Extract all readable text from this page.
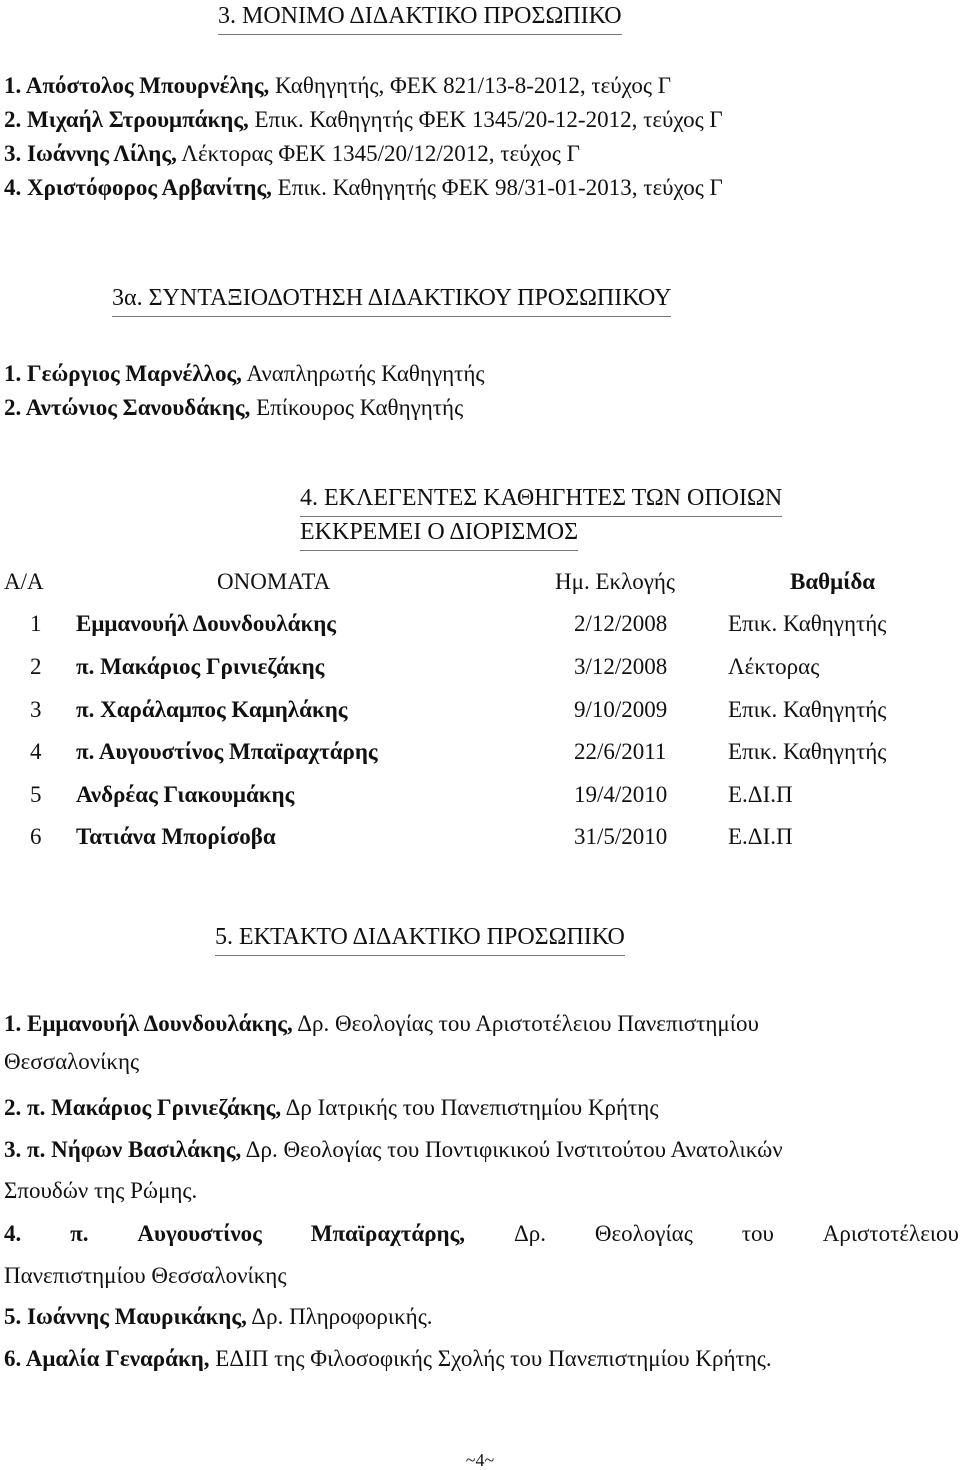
3. ΜΟΝΙΜΟ ΔΙΔΑΚΤΙΚΟ ΠΡΟΣΩΠΙΚΟ
1. Απόστολος Μπουρνέλης, Καθηγητής, ΦΕΚ 821/13-8-2012, τεύχος Γ
2. Μιχαήλ Στρουμπάκης, Επικ. Καθηγητής ΦΕΚ 1345/20-12-2012, τεύχος Γ
3. Ιωάννης Λίλης, Λέκτορας ΦΕΚ 1345/20/12/2012, τεύχος Γ
4. Χριστόφορος Αρβανίτης, Επικ. Καθηγητής ΦΕΚ 98/31-01-2013, τεύχος Γ
3α. ΣΥΝΤΑΞΙΟΔΟΤΗΣΗ ΔΙΔΑΚΤΙΚΟΥ ΠΡΟΣΩΠΙΚΟΥ
1. Γεώργιος Μαρνέλλος, Αναπληρωτής Καθηγητής
2. Αντώνιος Σανουδάκης, Επίκουρος Καθηγητής
4. ΕΚΛΕΓΕΝΤΕΣ ΚΑΘΗΓΗΤΕΣ ΤΩΝ ΟΠΟΙΩΝ
ΕΚΚΡΕΜΕΙ Ο ΔΙΟΡΙΣΜΟΣ
Α/Α	ΟΝΟΜΑΤΑ	Ημ. Εκλογής	Βαθμίδα
1 Εμμανουήλ Δουνδουλάκης	2/12/2008	Επικ. Καθηγητής
2 π. Μακάριος Γρινιεζάκης	3/12/2008	Λέκτορας
3 π. Χαράλαμπος Καμηλάκης	9/10/2009	Επικ. Καθηγητής
4 π. Αυγουστίνος Μπαϊραχτάρης	22/6/2011	Επικ. Καθηγητής
5 Ανδρέας Γιακουμάκης	19/4/2010	Ε.ΔΙ.Π
6 Τατιάνα Μπορίσοβα	31/5/2010	Ε.ΔΙ.Π
5. ΕΚΤΑΚΤΟ ΔΙΔΑΚΤΙΚΟ ΠΡΟΣΩΠΙΚΟ
1. Εμμανουήλ Δουνδουλάκης, Δρ. Θεολογίας του Αριστοτέλειου Πανεπιστημίου
Θεσσαλονίκης
2. π. Μακάριος Γρινιεζάκης, Δρ Ιατρικής του Πανεπιστημίου Κρήτης
3. π. Νήφων Βασιλάκης, Δρ. Θεολογίας του Ποντιφικικού Ινστιτούτου Ανατολικών
Σπουδών της Ρώμης.
4. π. Αυγουστίνος Μπαϊραχτάρης, Δρ. Θεολογίας του Αριστοτέλειου
Πανεπιστημίου Θεσσαλονίκης
5. Ιωάννης Μαυρικάκης, Δρ. Πληροφορικής.
6. Αμαλία Γεναράκη, ΕΔΙΠ της Φιλοσοφικής Σχολής του Πανεπιστημίου Κρήτης.
~4~
